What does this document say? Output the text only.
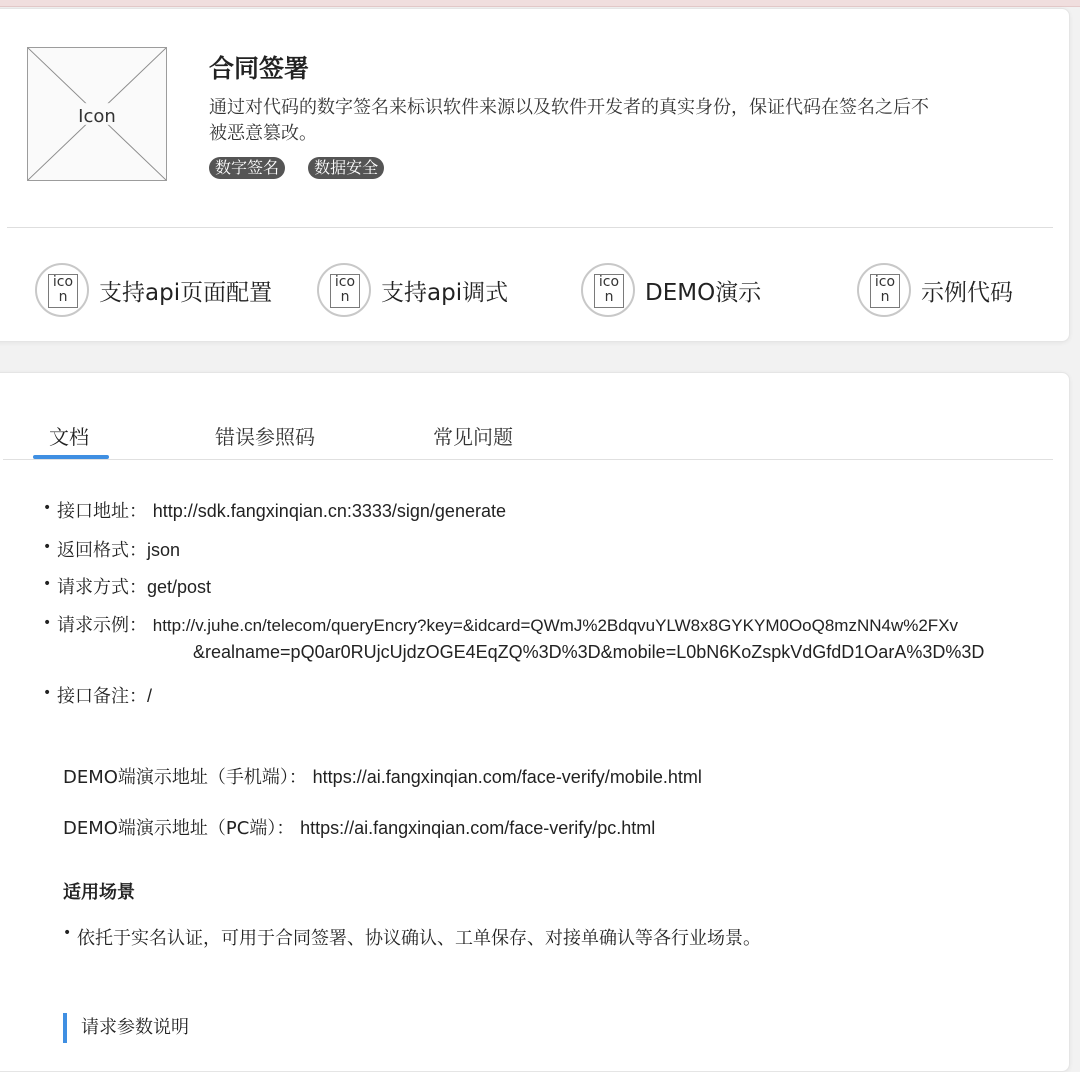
Icon
合同签署
通过对代码的数字签名来标识软件来源以及软件开发者的真实身份，保证代码在签名之后不被恶意篡改。
数字签名 数据安全
ico
n	支持api页面配置	ico
n	支持api调式	ico
n	DEMO演示	ico
n	示例代码
文档	错误参照码	常见问题
• 接口地址： http://sdk.fangxinqian.cn:3333/sign/generate
• 返回格式：json
• 请求方式：get/post
• 请求示例： http://v.juhe.cn/telecom/queryEncry?key=&idcard=QWmJ%2BdqvuYLW8x8GYKYM0OoQ8mzNN4w%2FXv
&realname=pQ0ar0RUjcUjdzOGE4EqZQ%3D%3D&mobile=L0bN6KoZspkVdGfdD1OarA%3D%3D
• 接口备注：/
DEMO端演示地址（手机端）： https://ai.fangxinqian.com/face-verify/mobile.html
DEMO端演示地址（PC端）： https://ai.fangxinqian.com/face-verify/pc.html
适用场景
• 依托于实名认证，可用于合同签署、协议确认、工单保存、对接单确认等各行业场景。
请求参数说明
